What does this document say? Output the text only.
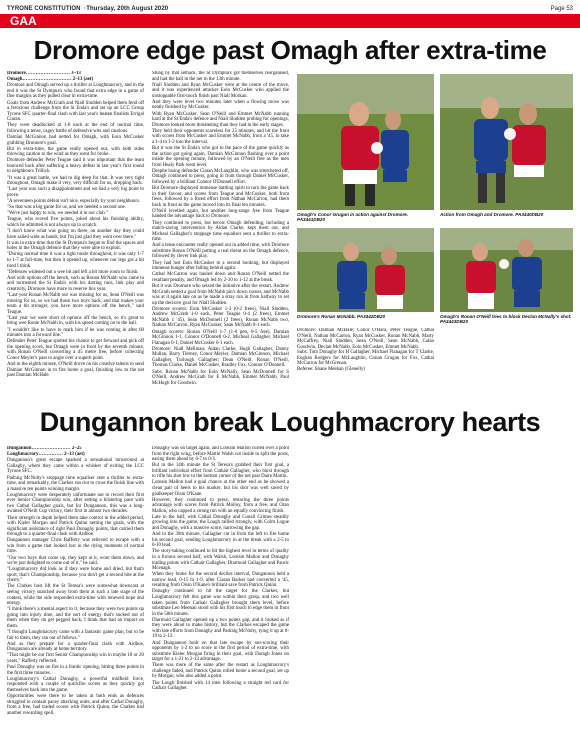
TYRONE CONSTITUTION  ·Thursday, 20th August 2020	Page 53
GAA
Dromore edge past Omagh after extra-time

Dromore……………………… 3–13

Omagh………………………… 2–13 (aet)

Dromore and Omagh served up a thriller at Loughmacrory, and in the end it was the St Dympna's who found that extra edge in a game of fine margins as they pulled clear in extra-time.

Goals from Andrew McGrath and Niall Sludden helped them fend off a ferocious challenge from the St Enda's and set up an LCC Group Tyrone SFC quarter-final clash with last year's beaten finalists Errigal Ciaran.

They were deadlocked at 1-8 each at the end of normal time, following a tense, cagey battle of defensive wits and cautious.

Damian McGinnon had netted for Omagh, with Eoin McCusker grabbing Dromore's goal.

But in extra-time, the game really opened out, with both sides throwing caution to the wind as they went for broke.

Dromore defender Peter Teague said it was important that the team bounced back after suffering a heavy defeat in last year's first round to neighbours Trillick.

"It was a great battle, we had to dig deep for that. It was very tight throughout, Omagh make it very, very difficult for us, dropping back.

"Last year was such a disappointment and we had a very big point to prove.

"A seventeen points defeat isn't nice, especially by your neighbours.

"So that was a big game for us, and we needed a second one.

"We're just happy to win, we needed it in our club."

Teague, who scored five points, joked about his finishing ability, which he admitted is not always up to scratch.

"I don't know what was going on there, on another day they could have sailed wide as hands, but I'm just glad they went over there."

It was in extra-time that the St Dympna's began to find the spaces and holes in the Omagh defence that they were able to exploit.

"During normal time it was a tight tussle throughout, it was only 1-7 to 1-7 at full-time, but then it opened up, whenever our legs got a bit tired I think.

"Defences widened out a wee bit and left a bit more room to finish.

And with options off the bench, such as Ronan McNabb who came in and tormented the St Enda's with his darting runs, link play and creativity, Dromore have more in reserve this year.

"Last year Ronan McNabb our was missing for us, Sean O'Neill was missing for us, so we had those two boys back, and that makes your team a bit stronger, you have more options off the bench," said Teague.

"Last year we were short of options off the bench, so it's great to bring wee Ronie McNabb in, with his speed coming on to the ball.

"I wouldn't like to have to mark him if he was coming in after 60 minutes into a forward line."

Defender Peter Teague spotted his chance to get forward and pick off the opening score, but Omagh were in front by the seventh minute, with Ronan O'Neill converting a 45 metre free, before collecting Conor Meyler's pass to angle over a superb point.

And in the eighth minute, O'Neill drove on his creative talents to send Damian McGinnon in to fire home a goal, finishing low to the net past Damian McHale.

Stung by that setback, the St Dympna's got themselves reorganised, and had the ball in the net in the 13th minute.

Niall Sludden and Ryan McCusker were at the centre of the move, and it was experienced attacker Eoin McCusker who applied the unstoppable first-touch finish past Niall Morkan.

And they were level two minutes later when a flowing move was neatly finished by McCusker.

With Ryan McCusker, Sean O'Neill and Emmet McNabb running hard at the St Enda's defence and Niall Sludden probing for openings, Dromore looked more threatening than they had in the early stages.

They held their opponents scoreless for 25 minutes, and hit the front with scores from McCusker and Emmet McNabb, from a '45, to take a 1-4 to 1-2 into the interval.

But it was the St Enda's who got to the pace of the game quickly as the action got going again, Damian McGinnon flashing over a point inside the opening minute, followed by an O'Neill free as the men from Healy Park went level.

Despite losing defender Ciaran McLaughlin, who was stretchered off, Omagh continued to press, going in front through Daniel McCusker, followed by a brilliant Connor O'Donnell effort.

But Dromore displayed immense battling spirit to turn the game back in their favour, and scores from Teague and McCusker, both from frees, followed by a fisted effort from Nathan McCarron, had them back in front as the game moved into its final ten minutes.

O'Neill levelled again, but another long-range free from Teague handed the advantage back to Dromore.

They continued to press, but heroic Omagh defending, including a match-saving intervention by Aidan Clarke, kept them out, and Micheal Gallagher's stoppage time equaliser sent a thriller to extra-time.

And a tense encounter really opened out in added time, with Dromore substitute Ronan O'Neill putting a real threat on the Omagh defence, followed by clever link play.

They had lost Eoin McCusker to a second booking, but displayed immense hunger after falling behind again.

Cathal McCarron was hauled down and Ronan O'Neill netted the resultant penalty, and Omagh led by 2-10 to 1-12 at the break.

But it was Dromore who seized the initiative after the restart. Andrew McGrath netted a goal from McNabb pin's down corner, and McNabb was at it again late on as he made a stray run in from halfway to set up the decisive goal for Niall Sludden.

Dromore scorers: Eoin McCusker 1-3 (0-2 frees), Niall Sludden, Andrew McGrath 1-0 each, Peter Teague 0-4 (2 frees), Emmet McNabb 1 '45), Sean McDonnell (2 frees), Ronan McNabb two, Nathan McCarron, Ryan McCusker, Sean McNabb 0-1 each.

Omagh scorers: Ronan O'Neill 1-7 (1-0 pen, 0-5 free), Damian McGinnon 1-1, Connor O'Donnell 0-2, Micheal Gallagher, Michael Flanagan 0-1, Daniel McCusker 0-1 each.

Dromore: Niall Mellinan; Aidan Clarke, Hugh Gallagher, Danny Mullan, Barry Tierney, Conor Meyler, Damian McGinnon, Michael Gallagher, Turlough Gallagher; Dean O'Neill, Ronan O'Neill, Thomas Clarke, Daniel McCusker, Bradley Fox, Connor O'Donnell.

Subs: Ronan McNabb for Eoin McNally, Sean McDonnell for S O'Neill, Andrew McGrath for E McNabb, Emmet McNabb, Paul McHugh for Goodwin.

Omagh's Conor Grugan in action against Dromore. PA3441DB20
Action from Omagh and Dromore. PA3440DB20
Dromore's Ronan McNabb. PA3442DB20	Omagh's Ronan O'Neill tries to block Declan McNally's shot. PA3443DB20

Dromore: Damian McHale; Conor O'Hara, Peter Teague, Cathal O'Neill, Nathan McCarron, Ryan McCusker, Ronan McNabb, Marty McCaffrey, Niall Sludden, Sean O'Neill, Sean McNabb, Calan Goodwin, Declan McNabb, Eoin McCusker, Emmet McNabb.

Subs: Tom Donaghy for H Gallagher, Michael Flanagan for T Clarke, Eoghan Rodgers for McLaughlin, Conan Grugan for Fox, Cathal McCarron for McGrenan.

Referee: Shane Meehan (Glenelly)

Dungannon break Loughmacrory hearts

Dungannon…………………… 2–25

Loughmacrory…………… 2–13 (aet)

Dungannon's great escape sparked a sensational turnaround at Gallaghy, where they came within a whisker of exiting the LCC Tyrone SFC.

Padraig McNulty's stoppage time equaliser sent a thriller to extra-time, and remarkably, the Clarkes ran riot to cross the finish line with a massive ten points winning margin.

Loughmacrory were desperately unfortunate not to record their first ever Senior Championship win, after setting a blistering pace with two Cathal Gallagher goals, but for Dungannon, this was a long-awaited O'Neill Cup victory, their first in almost two decades.

Their strength in depth helped them take control in the added period, with Kieler Morgan and Patrick Quinn netting the goals, with the significant assistance of right Paul Donaghy points, that carried them through to a quarter-final clash with Ardboe.

Dungannon manager Chris Rafferty was relieved to escape with a win from a game that looked lost in the dying moments of normal time.

"Our two boys that come up, they kept at it, wore them down, and we're just delighted to come out of it," he said.

"Loughmacrory did look as if they were home and dried, but that's sport, that's Championship, because you don't get a second bite at the cherry."

The Clarkes host lift the St Teresa's were somewhat downcast at seeing victory snatched away from them at such a late stage of the contest, while the side responded extra-time with renewed hope and energy.

"I think there's a mental aspect to it, because they were two points up going into injury time, and the sort of energy that's sucked out of them when they do get pegged back, I think that had an impact on them.

"I thought Loughmacrory came with a fantastic game plan, but to be fair to them, they ran out of fellows."

And as they prepare for a quarter-final clash with Ardboe, Dungannon are already at home territory.

"That might be our first Senior Championship win in maybe 18 or 20 years," Rafferty reflected.

Paul Donaghy was on fire in a frantic opening, hitting three points in the first three minutes.

Loughmacrory's Cathal Donaghy, a powerful midfield force, responded with a couple of quickfire scores as they quickly got themselves back into the game.

Opportunities were there to be taken at both ends as defences struggled to contain pacey attacking units, and after Cathal Donaghy, from a free, had traded scores with Patrick Quinn, the Clarkes had another rewarding spell.

Donaghy was on target again, and Loreain Mallon curled over a point from the right wing, before Martie Walsh cut inside to split the posts, easing them ahead by 0-7 to 0-3.

But in the 14th minute the St Teresa's grabbed their first goal, a brilliant individual effort from Cathair Gallagher, who burst through to rifle his shot low to the bottom corner of the net past Daire Martin.

Loreain Mallon had a goal chance at the other end as he showed a clean pair of heels to his marker, but his shot was well saved by goalkeeper Oisin O'Kane.

However, they continued to press, restoring the three points advantage with scores from Patrick Molloy, from a free, and Oran Mallon, who capped a strong run with an equally convincing finish.

Late in the half, with Cathal Donaghy and Conall Grimes steadily growing into the game, the Lough rallied strongly, with Colm Logue and Donaghy, with a massive score, narrowing the gap.

And in the 30th minute, Gallagher cut in from the left to fire home his second goal, sending Loughmacrory in at the break with a 2-5 to 0-10 lead.

The story-taking continued to hit the highest level in terms of quality in a furious second half, with Walsh, Loreain Mallon and Donaghy trading points with Cathair Gallagher, Diarmuid Gallagher and Pauric Mcenagh.

When they broke for the second deciles interval, Dungannon held a narrow lead, 0-15 to 1-9, after Ciaran Barker had converted a '45, resulting from Oisin O'Kane's brilliant save from Patrick Quinn.

Donaghy continued to hit the target for the Clarkes, but Loughmacrory felt this game was within their grasp, and two well taken points from Cathair Gallagher brought them level, before substitute Leo Meenan stood with his first touch to edge them in front in the 58th minute.

Diarmuid Gallagher opened up a two points gap, and it looked as if they were about to make history, but the Clarkes escaped the game with late efforts from Donaghy and Padraig McNulty, tying it up at 0-19 to 2-13.

And Dungannon built on that late escape by out-scoring their opponents by 1-2 to no score in the first period of extra-time, with substitute Kieler Morgan firing in their goal, with Daragh Jones on target for a 1-21 to 2-13 advantage.

There was more of the same after the restart as Loughmacrory's challenge faded, and Patrick Quinn rolled home a second goal, set up by Morgan, who also added a point.

The Lough finished with 14 men following a straight red card for Cathair Gallagher.
